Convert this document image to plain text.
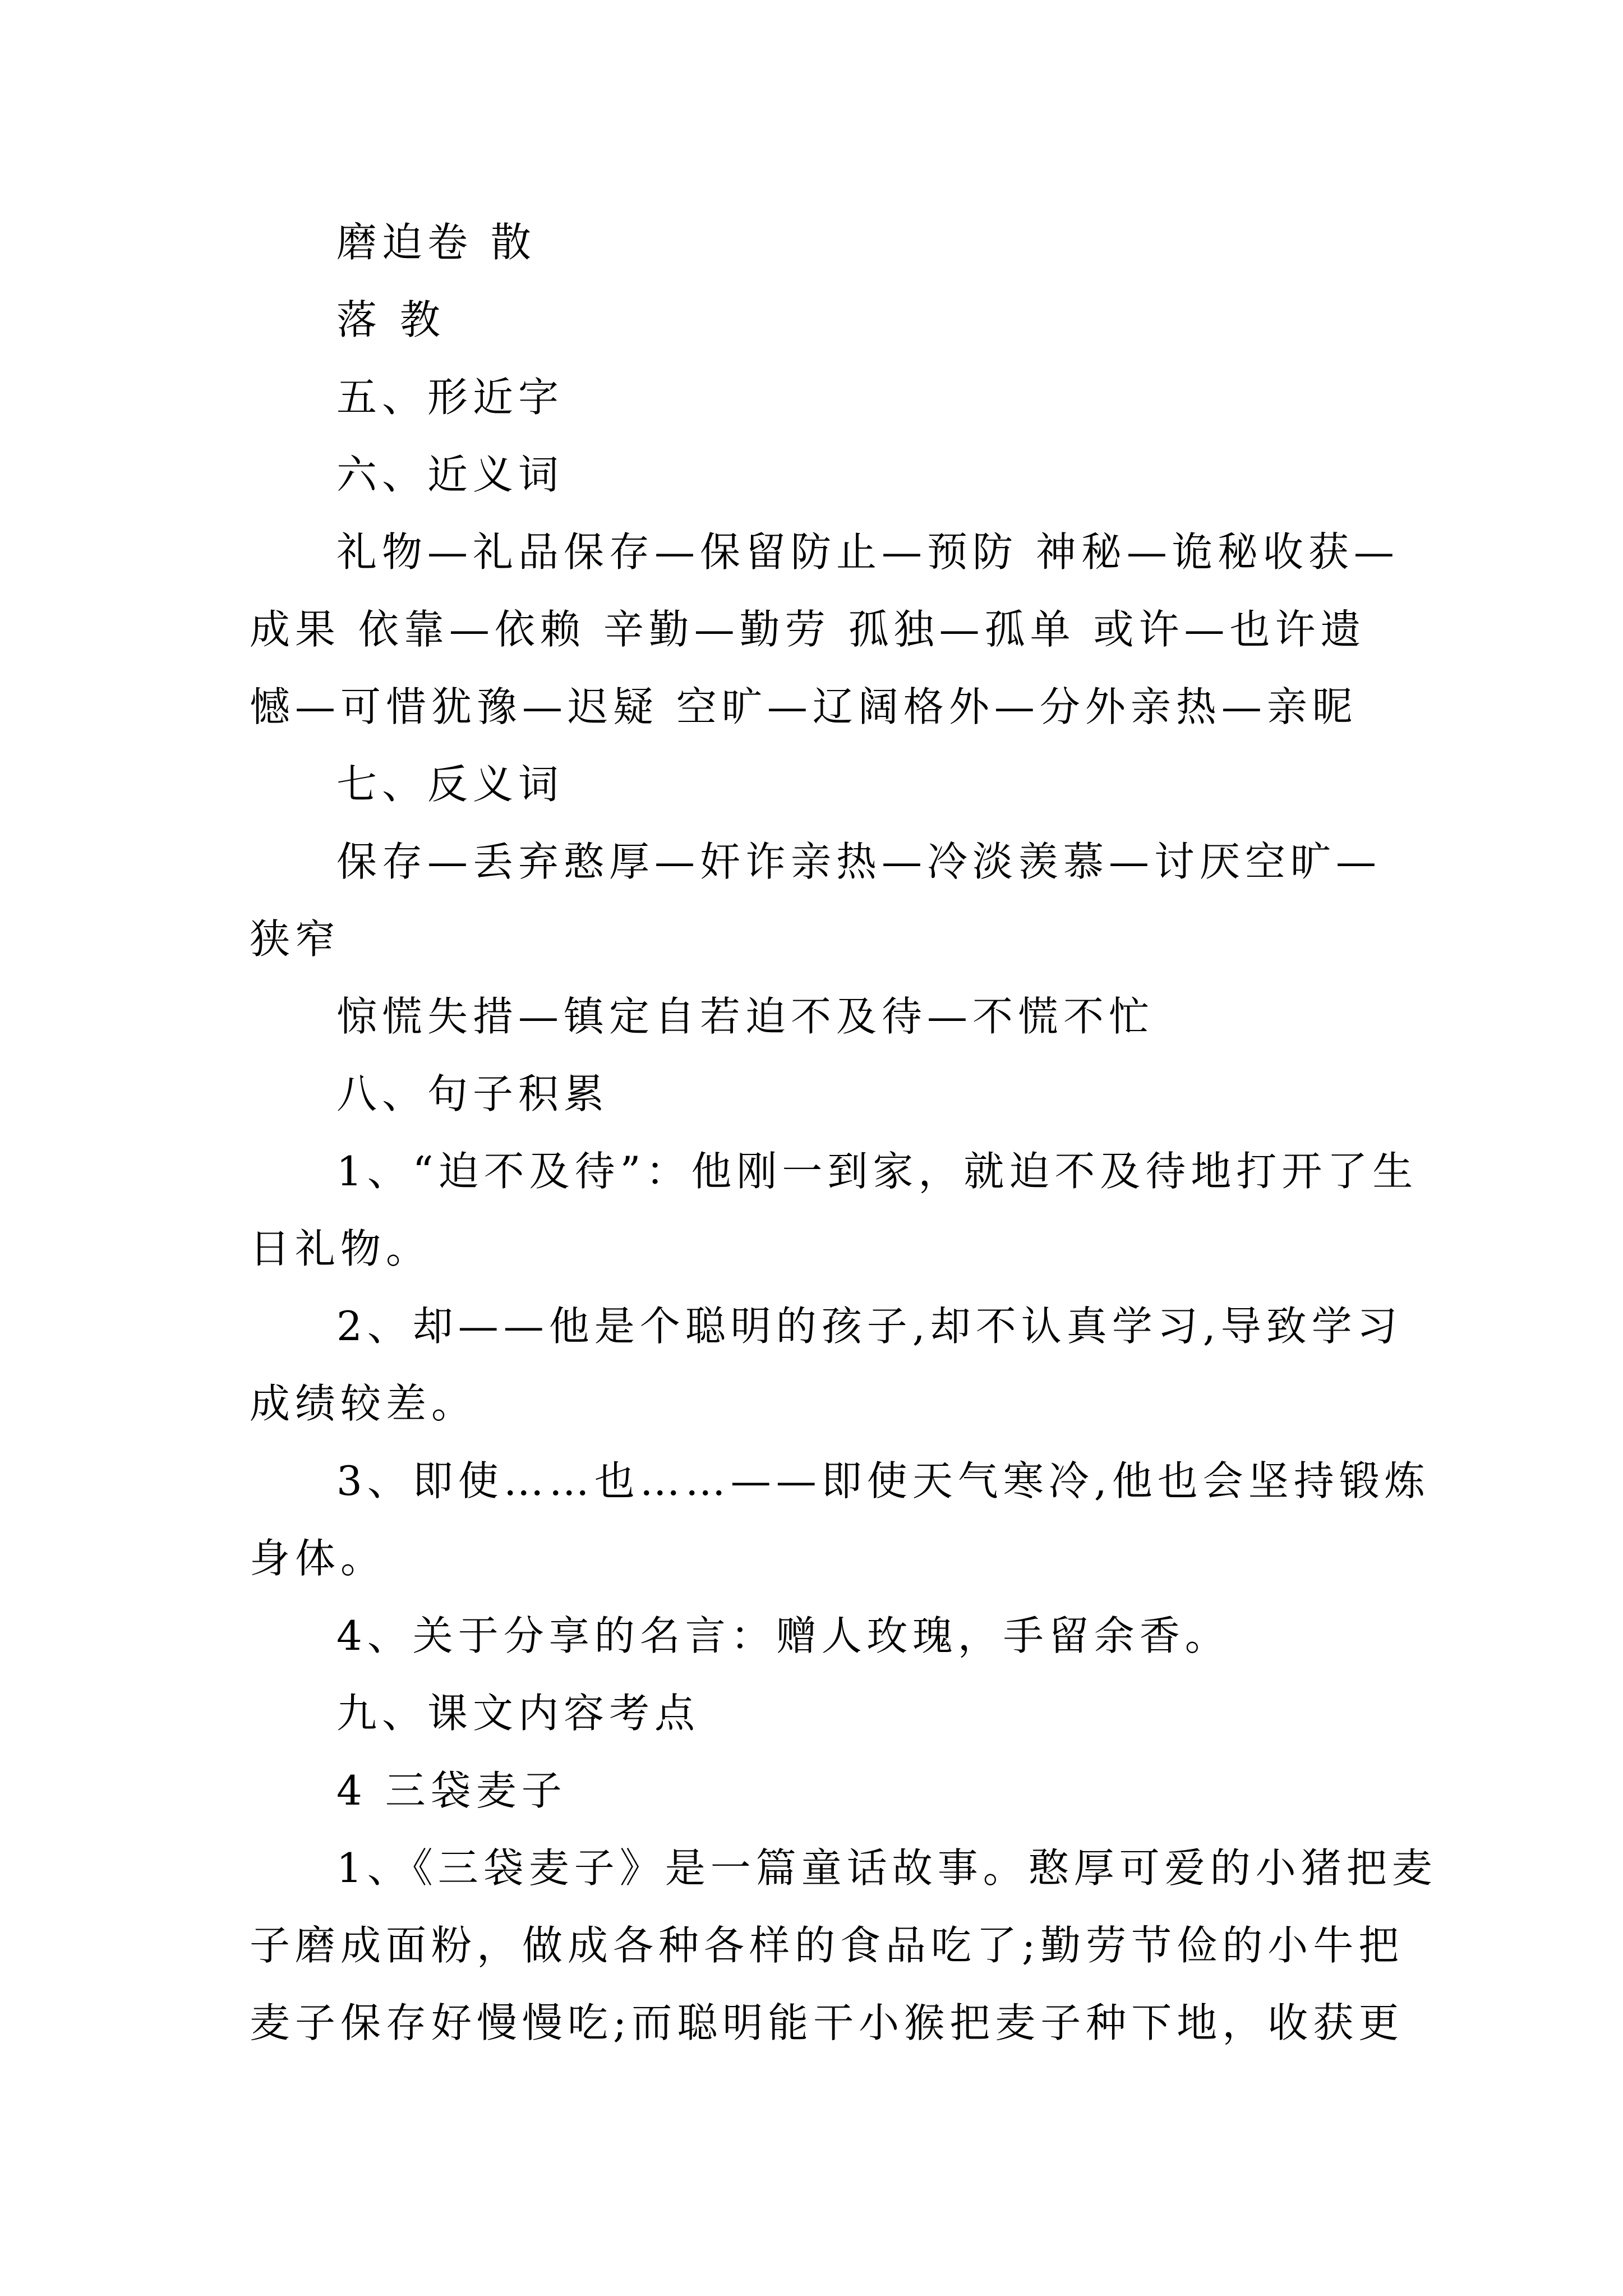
磨迫卷 散
落 教
五、形近字
六、近义词
礼物—礼品保存—保留防止—预防 神秘—诡秘收获—
成果 依靠—依赖 辛勤—勤劳 孤独—孤单 或许—也许遗
憾—可惜犹豫—迟疑 空旷—辽阔格外—分外亲热—亲昵
七、反义词
保存—丢弃憨厚—奸诈亲热—冷淡羡慕—讨厌空旷—
狭窄
惊慌失措—镇定自若迫不及待—不慌不忙
八、句子积累
1、“迫不及待”：他刚一到家，就迫不及待地打开了生
日礼物。
2、却——他是个聪明的孩子,却不认真学习,导致学习
成绩较差。
3、即使……也……——即使天气寒冷,他也会坚持锻炼
身体。
4、关于分享的名言：赠人玫瑰，手留余香。
九、课文内容考点
4 三袋麦子
1、《三袋麦子》是一篇童话故事。憨厚可爱的小猪把麦
子磨成面粉，做成各种各样的食品吃了;勤劳节俭的小牛把
麦子保存好慢慢吃;而聪明能干小猴把麦子种下地，收获更
